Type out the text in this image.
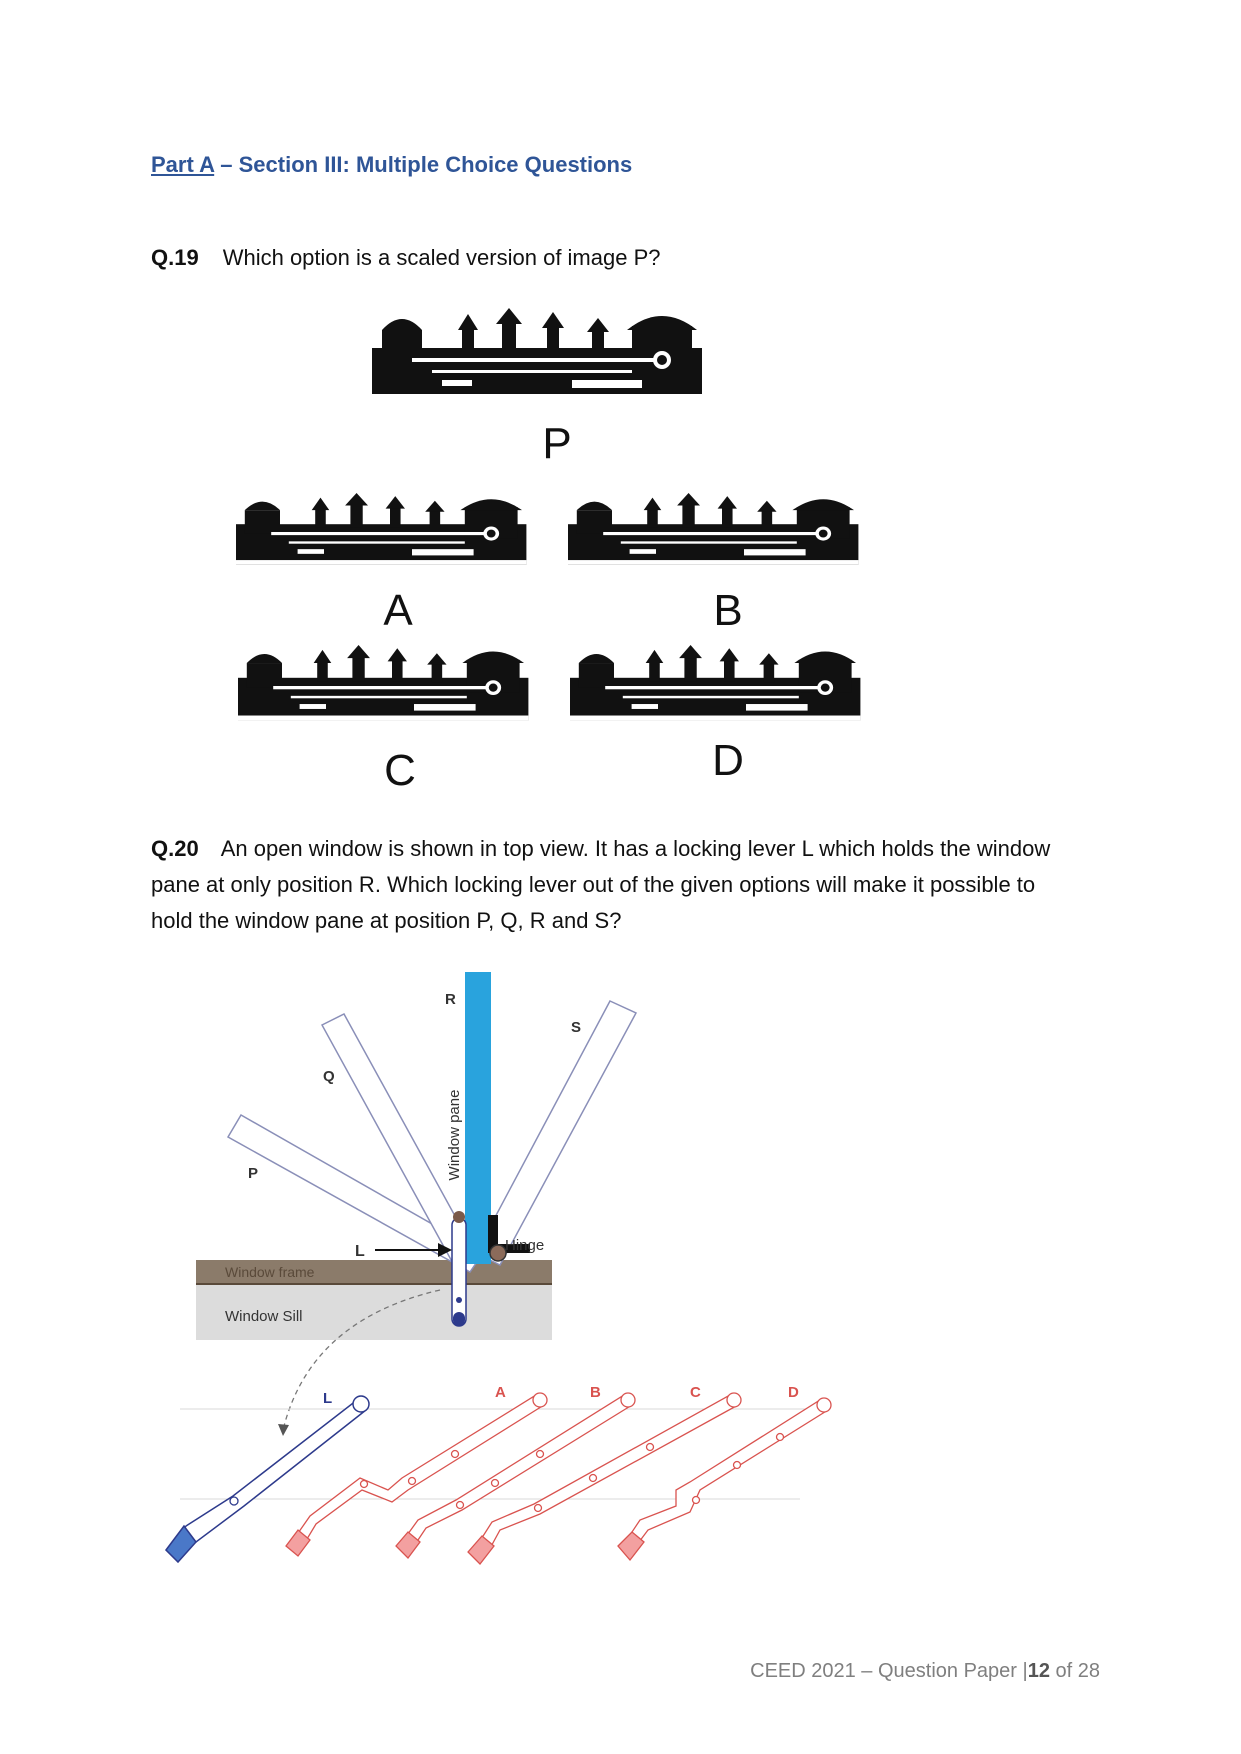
Part A – Section III: Multiple Choice Questions
Q.19 Which option is a scaled version of image P?
P
A	B
C	D
Q.20 An open window is shown in top view. It has a locking lever L which holds the window pane at only position R. Which locking lever out of the given options will make it possible to hold the window pane at position P, Q, R and S?
Window frame
Window Sill
Window pane
P
Q
R
S
Hinge
L
L	A	B	C	D
CEED 2021 – Question Paper |12 of 28
